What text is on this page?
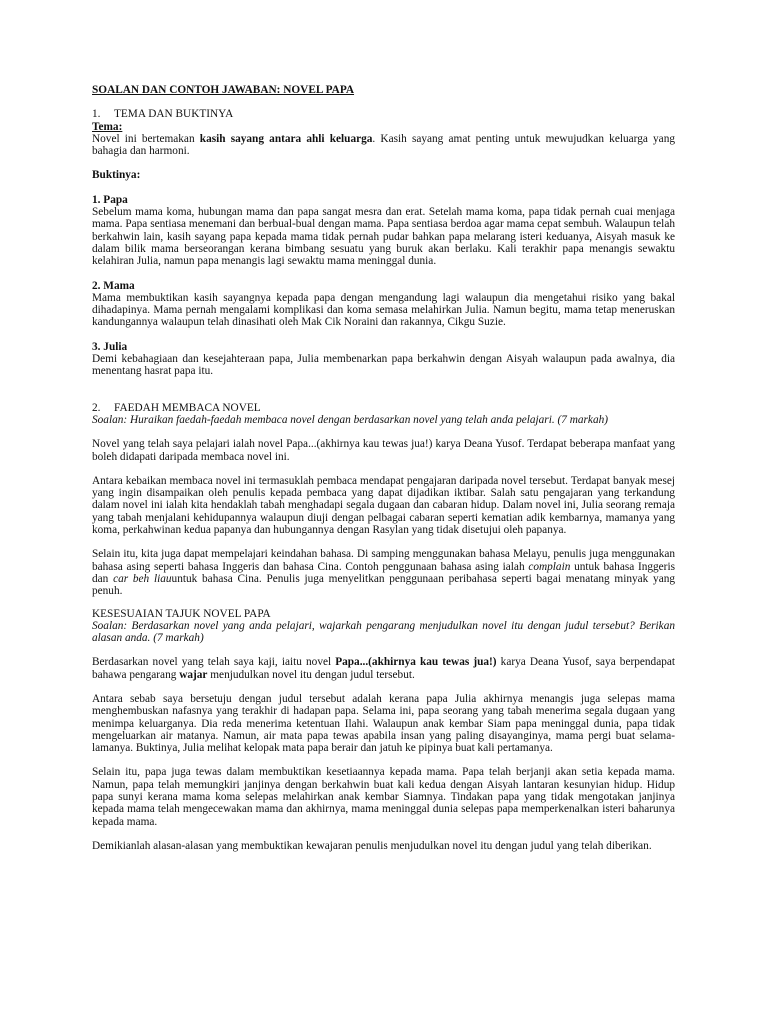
SOALAN DAN CONTOH JAWABAN: NOVEL PAPA
1. TEMA DAN BUKTINYA
Tema:

Novel ini bertemakan kasih sayang antara ahli keluarga. Kasih sayang amat penting untuk mewujudkan keluarga yang bahagia dan harmoni.

Buktinya:
1. Papa

Sebelum mama koma, hubungan mama dan papa sangat mesra dan erat. Setelah mama koma, papa tidak pernah cuai menjaga mama. Papa sentiasa menemani dan berbual-bual dengan mama. Papa sentiasa berdoa agar mama cepat sembuh. Walaupun telah berkahwin lain, kasih sayang papa kepada mama tidak pernah pudar bahkan papa melarang isteri keduanya, Aisyah masuk ke dalam bilik mama berseorangan kerana bimbang sesuatu yang buruk akan berlaku. Kali terakhir papa menangis sewaktu kelahiran Julia, namun papa menangis lagi sewaktu mama meninggal dunia.

2. Mama

Mama membuktikan kasih sayangnya kepada papa dengan mengandung lagi walaupun dia mengetahui risiko yang bakal dihadapinya. Mama pernah mengalami komplikasi dan koma semasa melahirkan Julia. Namun begitu, mama tetap meneruskan kandungannya walaupun telah dinasihati oleh Mak Cik Noraini dan rakannya, Cikgu Suzie.

3. Julia

Demi kebahagiaan dan kesejahteraan papa, Julia membenarkan papa berkahwin dengan Aisyah walaupun pada awalnya, dia menentang hasrat papa itu.

2. FAEDAH MEMBACA NOVEL
Soalan: Huraikan faedah-faedah membaca novel dengan berdasarkan novel yang telah anda pelajari. (7 markah)

Novel yang telah saya pelajari ialah novel Papa...(akhirnya kau tewas jua!) karya Deana Yusof. Terdapat beberapa manfaat yang boleh didapati daripada membaca novel ini.

Antara kebaikan membaca novel ini termasuklah pembaca mendapat pengajaran daripada novel tersebut. Terdapat banyak mesej yang ingin disampaikan oleh penulis kepada pembaca yang dapat dijadikan iktibar. Salah satu pengajaran yang terkandung dalam novel ini ialah kita hendaklah tabah menghadapi segala dugaan dan cabaran hidup. Dalam novel ini, Julia seorang remaja yang tabah menjalani kehidupannya walaupun diuji dengan pelbagai cabaran seperti kematian adik kembarnya, mamanya yang koma, perkahwinan kedua papanya dan hubungannya dengan Rasylan yang tidak disetujui oleh papanya.

Selain itu, kita juga dapat mempelajari keindahan bahasa. Di samping menggunakan bahasa Melayu, penulis juga menggunakan bahasa asing seperti bahasa Inggeris dan bahasa Cina. Contoh penggunaan bahasa asing ialah complain untuk bahasa Inggeris dan car beh liauuntuk bahasa Cina. Penulis juga menyelitkan penggunaan peribahasa seperti bagai menatang minyak yang penuh.

KESESUAIAN TAJUK NOVEL PAPA
Soalan: Berdasarkan novel yang anda pelajari, wajarkah pengarang menjudulkan novel itu dengan judul tersebut? Berikan alasan anda. (7 markah)

Berdasarkan novel yang telah saya kaji, iaitu novel Papa...(akhirnya kau tewas jua!) karya Deana Yusof, saya berpendapat bahawa pengarang wajar menjudulkan novel itu dengan judul tersebut.

Antara sebab saya bersetuju dengan judul tersebut adalah kerana papa Julia akhirnya menangis juga selepas mama menghembuskan nafasnya yang terakhir di hadapan papa. Selama ini, papa seorang yang tabah menerima segala dugaan yang menimpa keluarganya. Dia reda menerima ketentuan Ilahi. Walaupun anak kembar Siam papa meninggal dunia, papa tidak mengeluarkan air matanya. Namun, air mata papa tewas apabila insan yang paling disayanginya, mama pergi buat selama-lamanya. Buktinya, Julia melihat kelopak mata papa berair dan jatuh ke pipinya buat kali pertamanya.

Selain itu, papa juga tewas dalam membuktikan kesetiaannya kepada mama. Papa telah berjanji akan setia kepada mama. Namun, papa telah memungkiri janjinya dengan berkahwin buat kali kedua dengan Aisyah lantaran kesunyian hidup. Hidup papa sunyi kerana mama koma selepas melahirkan anak kembar Siamnya. Tindakan papa yang tidak mengotakan janjinya kepada mama telah mengecewakan mama dan akhirnya, mama meninggal dunia selepas papa memperkenalkan isteri baharunya kepada mama.

Demikianlah alasan-alasan yang membuktikan kewajaran penulis menjudulkan novel itu dengan judul yang telah diberikan.
